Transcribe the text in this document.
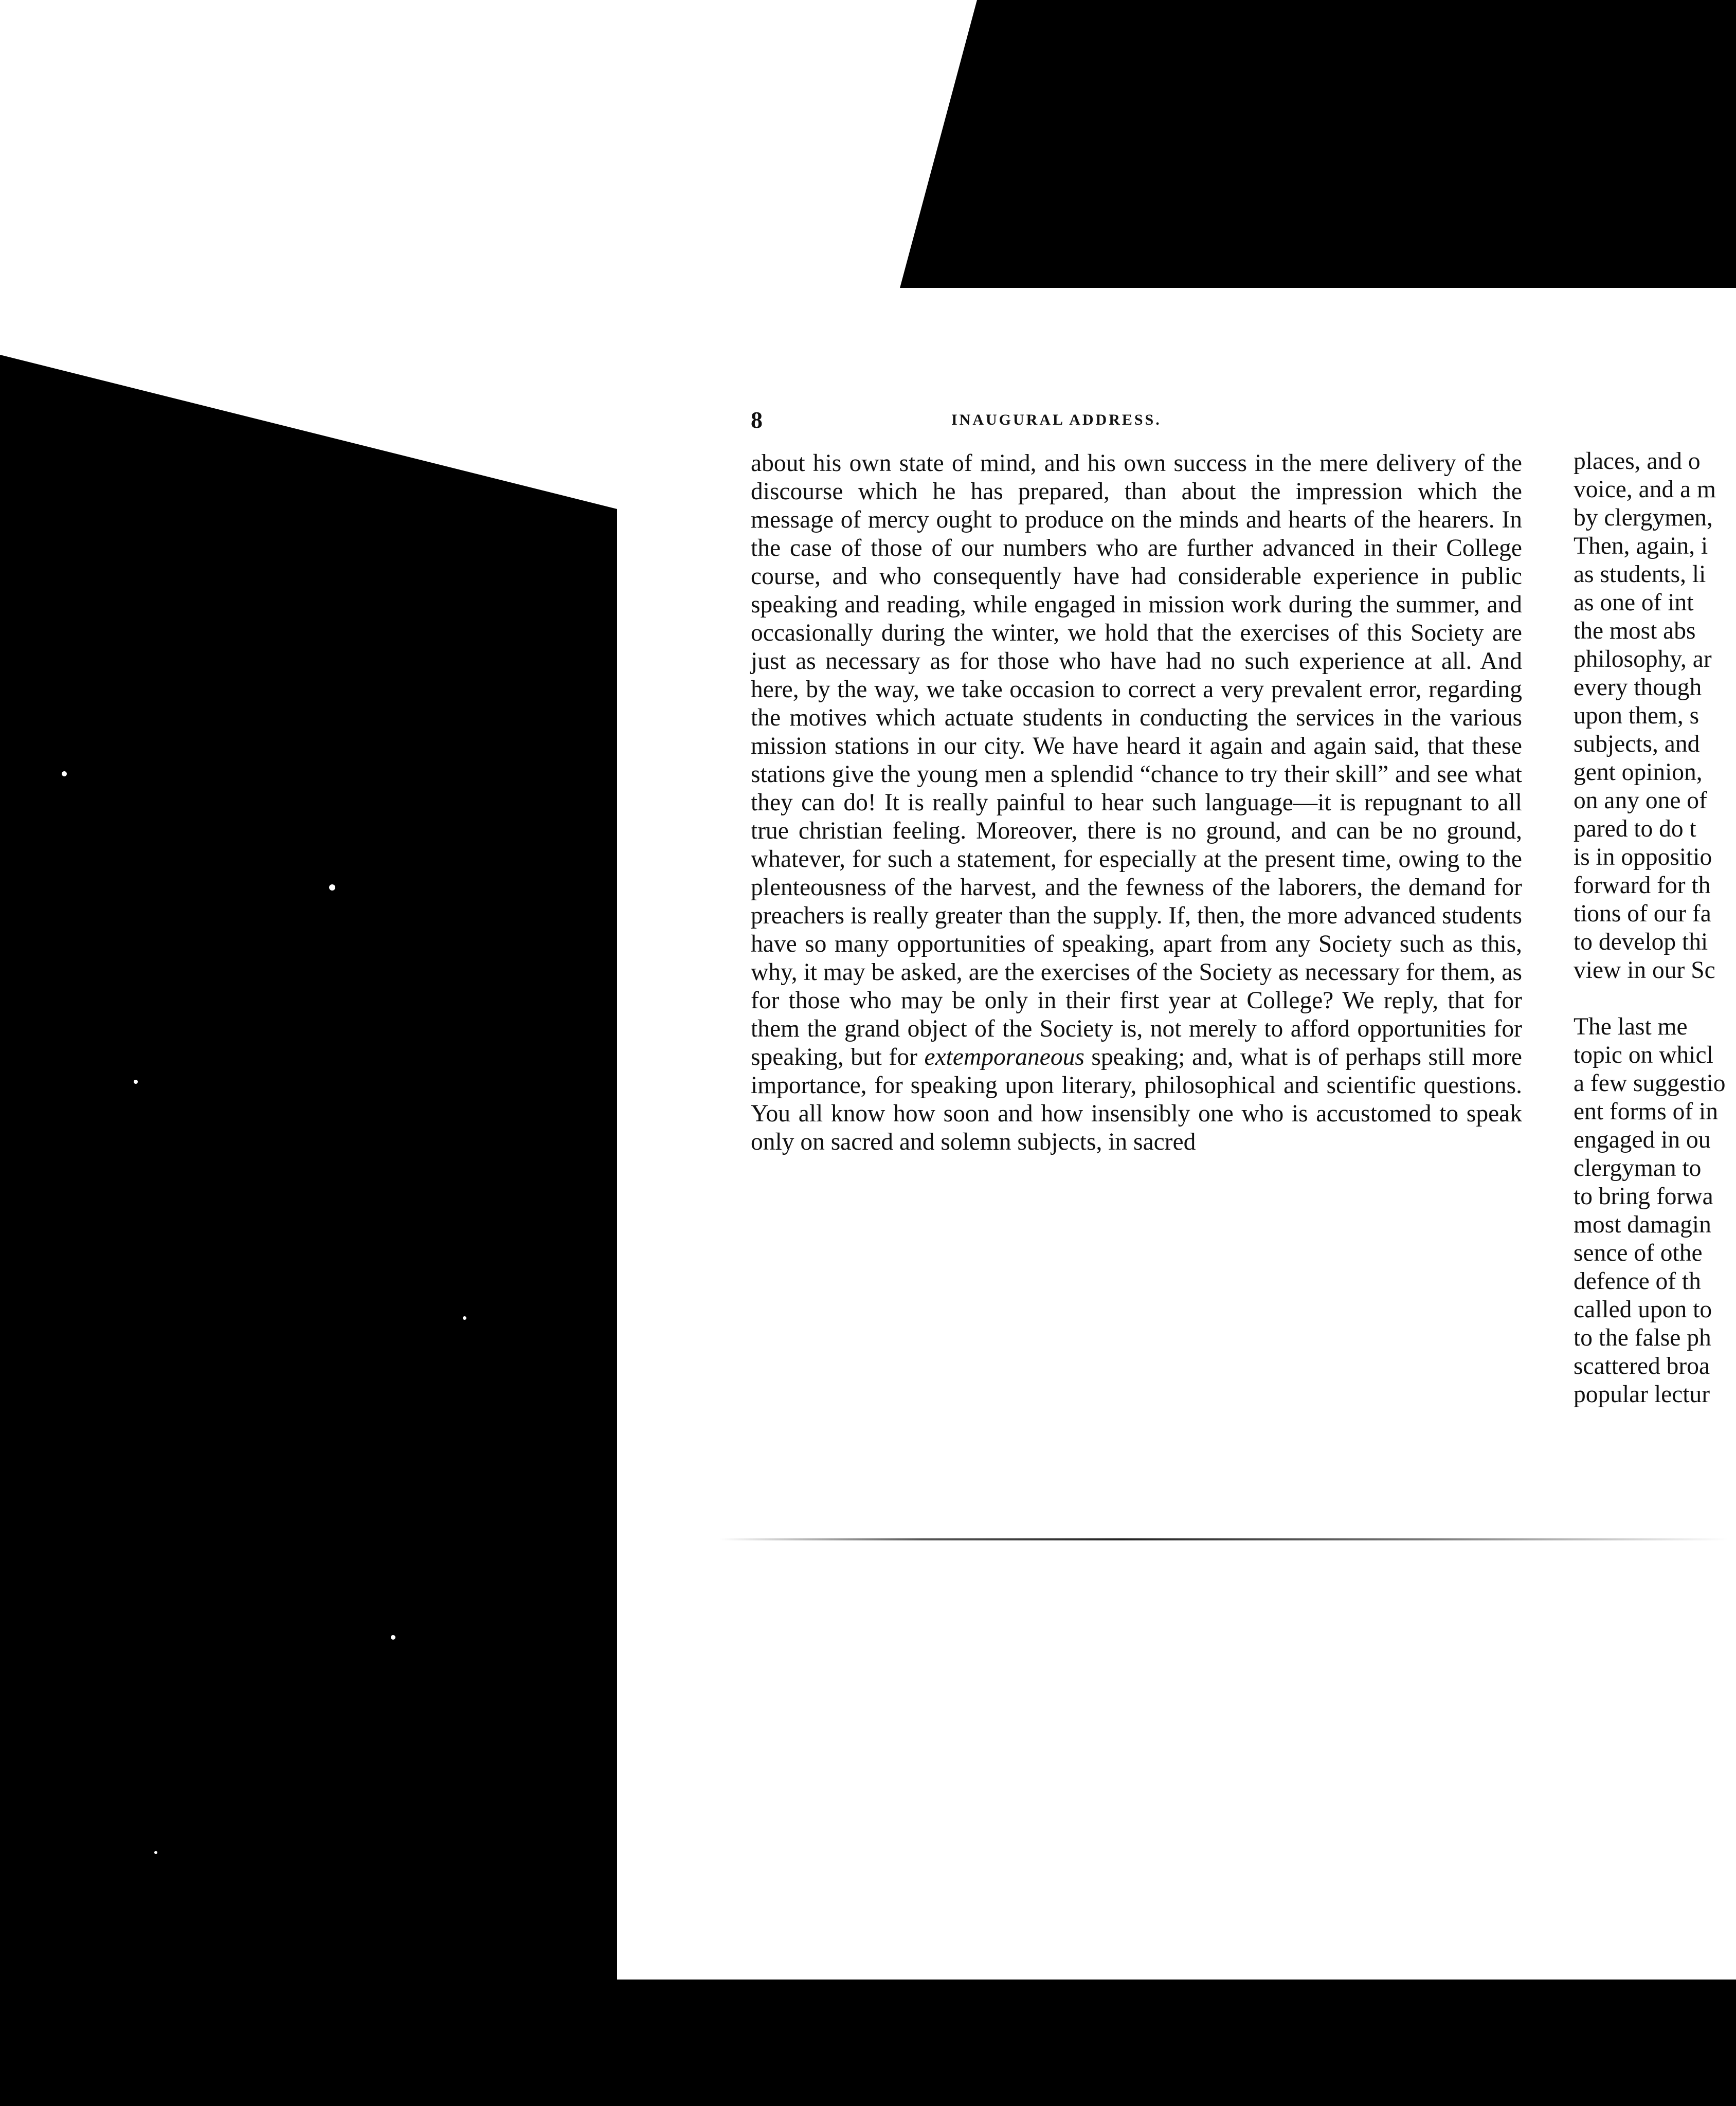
8	INAUGURAL ADDRESS.

about his own state of mind, and his own success in the mere delivery of the discourse which he has prepared, than about the impression which the message of mercy ought to produce on the minds and hearts of the hearers. In the case of those of our numbers who are further advanced in their College course, and who consequently have had considerable experience in public speaking and reading, while engaged in mission work during the summer, and occasionally during the winter, we hold that the exercises of this Society are just as necessary as for those who have had no such experience at all. And here, by the way, we take occasion to correct a very prevalent error, regarding the motives which actuate students in conducting the services in the various mission stations in our city. We have heard it again and again said, that these stations give the young men a splendid “chance to try their skill” and see what they can do! It is really painful to hear such language—it is repugnant to all true christian feeling. Moreover, there is no ground, and can be no ground, whatever, for such a statement, for especially at the present time, owing to the plenteousness of the harvest, and the fewness of the laborers, the demand for preachers is really greater than the supply. If, then, the more advanced students have so many opportunities of speaking, apart from any Society such as this, why, it may be asked, are the exercises of the Society as necessary for them, as for those who may be only in their first year at College? We reply, that for them the grand object of the Society is, not merely to afford opportunities for speaking, but for extemporaneous speaking; and, what is of perhaps still more importance, for speaking upon literary, philosophical and scientific questions. You all know how soon and how insensibly one who is accustomed to speak only on sacred and solemn subjects, in sacred

places, and o
voice, and a m
by clergymen,
Then, again, i
as students, li
as one of int
the most abs
philosophy, ar
every though
upon them, s
subjects, and
gent opinion,
on any one of
pared to do t
is in oppositio
forward for th
tions of our fa
to develop thi
view in our Sc
The last me
topic on whicl
a few suggestio
ent forms of in
engaged in ou
clergyman to
to bring forwa
most damagin
sence of othe
defence of th
called upon to
to the false ph
scattered broa
popular lectur
